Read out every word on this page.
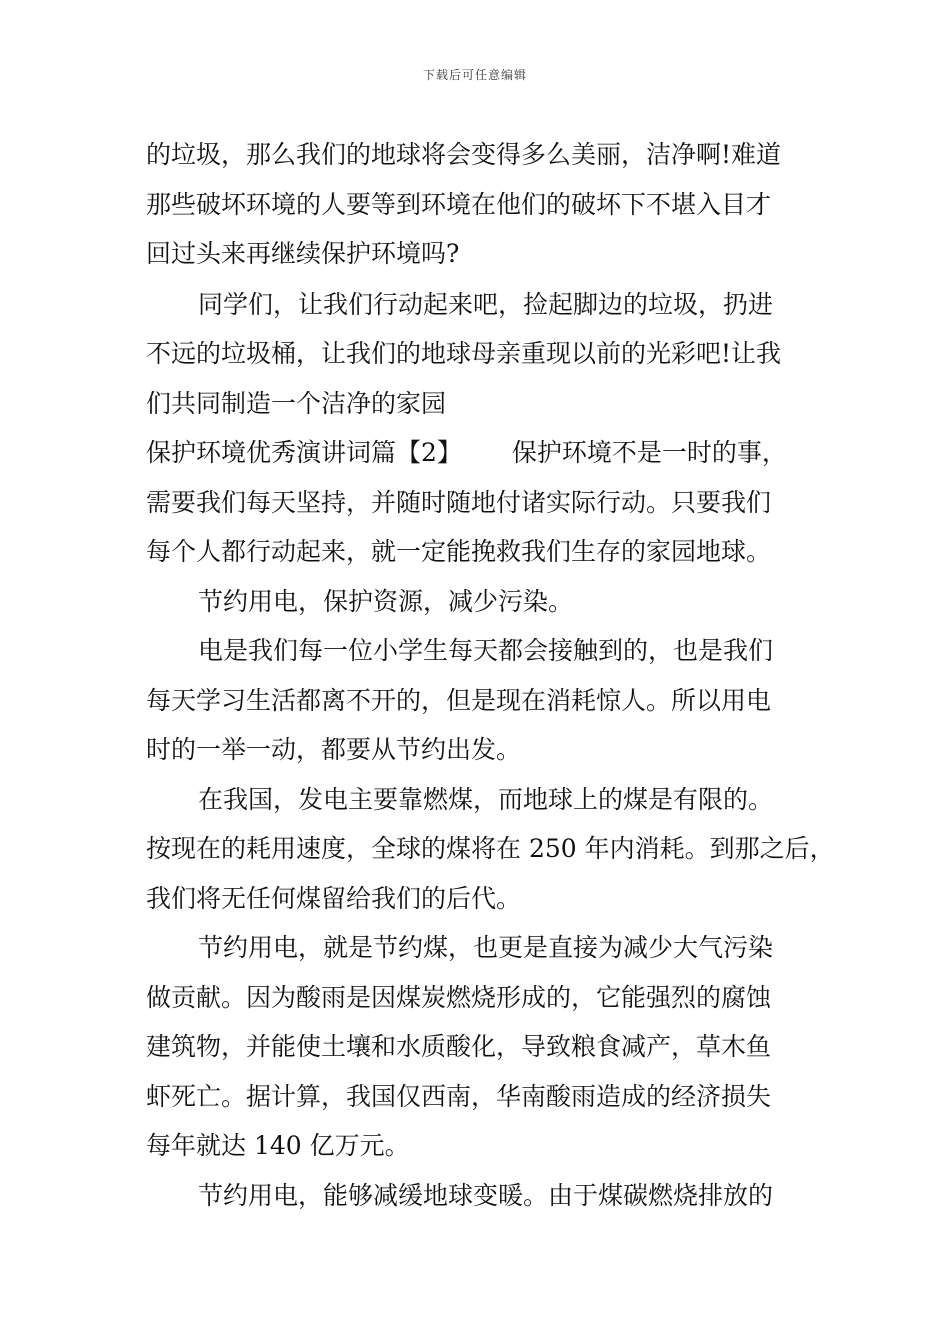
下载后可任意编辑
的垃圾，那么我们的地球将会变得多么美丽，洁净啊!难道
那些破坏环境的人要等到环境在他们的破坏下不堪入目才
回过头来再继续保护环境吗?
同学们，让我们行动起来吧，捡起脚边的垃圾，扔进
不远的垃圾桶，让我们的地球母亲重现以前的光彩吧!让我
们共同制造一个洁净的家园
保护环境优秀演讲词篇【2】 保护环境不是一时的事，
需要我们每天坚持，并随时随地付诸实际行动。只要我们
每个人都行动起来，就一定能挽救我们生存的家园地球。
节约用电，保护资源，减少污染。
电是我们每一位小学生每天都会接触到的，也是我们
每天学习生活都离不开的，但是现在消耗惊人。所以用电
时的一举一动，都要从节约出发。
在我国，发电主要靠燃煤，而地球上的煤是有限的。
按现在的耗用速度，全球的煤将在 250 年内消耗。到那之后，
我们将无任何煤留给我们的后代。
节约用电，就是节约煤，也更是直接为减少大气污染
做贡献。因为酸雨是因煤炭燃烧形成的，它能强烈的腐蚀
建筑物，并能使土壤和水质酸化，导致粮食减产，草木鱼
虾死亡。据计算，我国仅西南，华南酸雨造成的经济损失
每年就达 140 亿万元。
节约用电，能够减缓地球变暖。由于煤碳燃烧排放的
